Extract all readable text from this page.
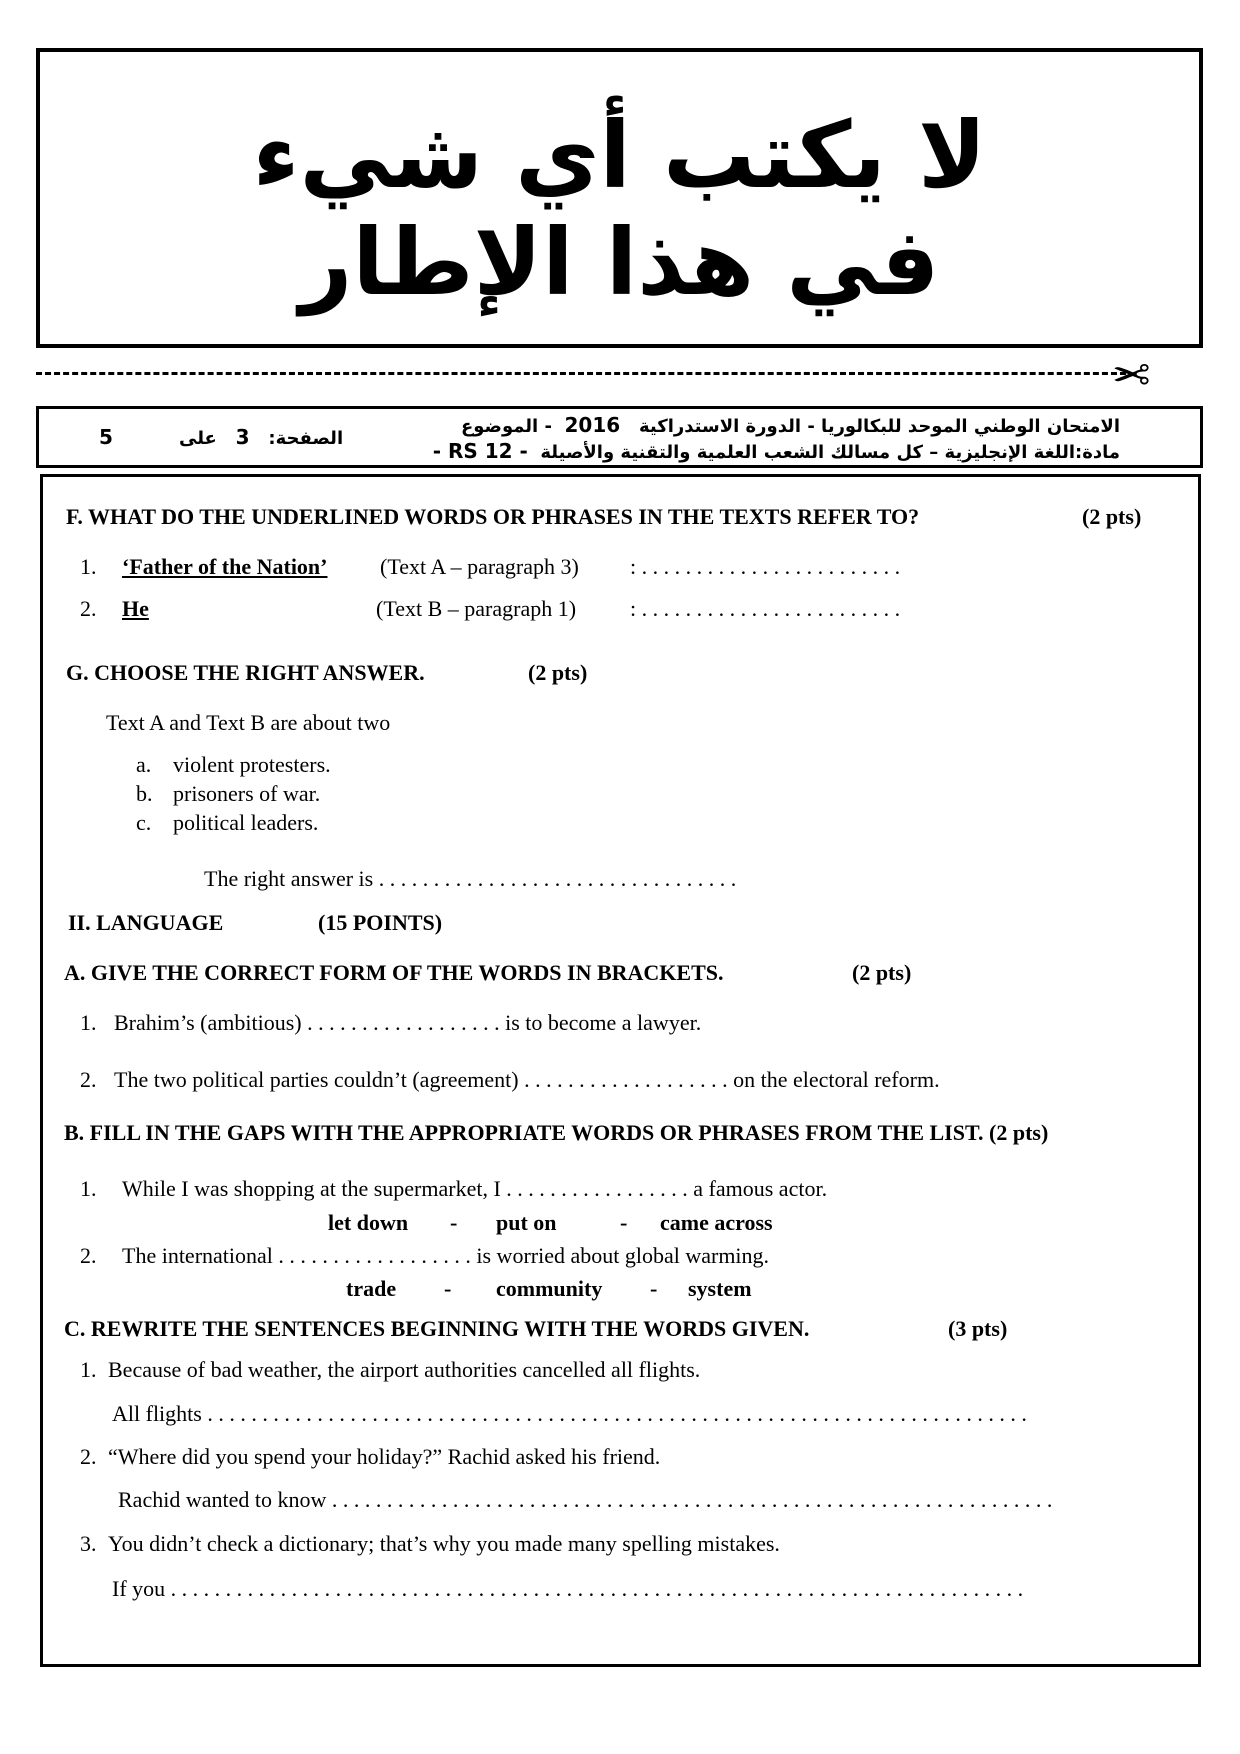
لا يكتب أي شيء
في هذا الإطار
✂
الامتحان الوطني الموحد للبكالوريا - الدورة الاستدراكية   2016  - الموضوع
مادة:اللغة الإنجليزية – كل مسالك الشعب العلمية والتقنية والأصيلة  - RS 12 -
الصفحة:   3   على
5
F. WHAT DO THE UNDERLINED WORDS OR PHRASES IN THE TEXTS REFER TO?	(2 pts)
1. ‘Father of the Nation’ (Text A – paragraph 3) : . . . . . . . . . . . . . . . . . . . . . . . .
2. He	(Text B – paragraph 1) : . . . . . . . . . . . . . . . . . . . . . . . .
G. CHOOSE THE RIGHT ANSWER.	(2 pts)
Text A and Text B are about two
a. violent protesters.
b. prisoners of war.
c. political leaders.
The right answer is . . . . . . . . . . . . . . . . . . . . . . . . . . . . . . . . .
II. LANGUAGE	(15 POINTS)
A. GIVE THE CORRECT FORM OF THE WORDS IN BRACKETS.	(2 pts)
1. Brahim’s (ambitious) . . . . . . . . . . . . . . . . . . is to become a lawyer.
2. The two political parties couldn’t (agreement) . . . . . . . . . . . . . . . . . . . on the electoral reform.
B. FILL IN THE GAPS WITH THE APPROPRIATE WORDS OR PHRASES FROM THE LIST. (2 pts)
1. While I was shopping at the supermarket, I . . . . . . . . . . . . . . . . . a famous actor.
let down - put on	- came across
2. The international . . . . . . . . . . . . . . . . . . is worried about global warming.
trade - community - system
C. REWRITE THE SENTENCES BEGINNING WITH THE WORDS GIVEN.	(3 pts)
1. Because of bad weather, the airport authorities cancelled all flights.
All flights . . . . . . . . . . . . . . . . . . . . . . . . . . . . . . . . . . . . . . . . . . . . . . . . . . . . . . . . . . . . . . . . . . . . . . . . . . .
2. “Where did you spend your holiday?” Rachid asked his friend.
Rachid wanted to know . . . . . . . . . . . . . . . . . . . . . . . . . . . . . . . . . . . . . . . . . . . . . . . . . . . . . . . . . . . . . . . . . .
3. You didn’t check a dictionary; that’s why you made many spelling mistakes.
If you . . . . . . . . . . . . . . . . . . . . . . . . . . . . . . . . . . . . . . . . . . . . . . . . . . . . . . . . . . . . . . . . . . . . . . . . . . . . . .
